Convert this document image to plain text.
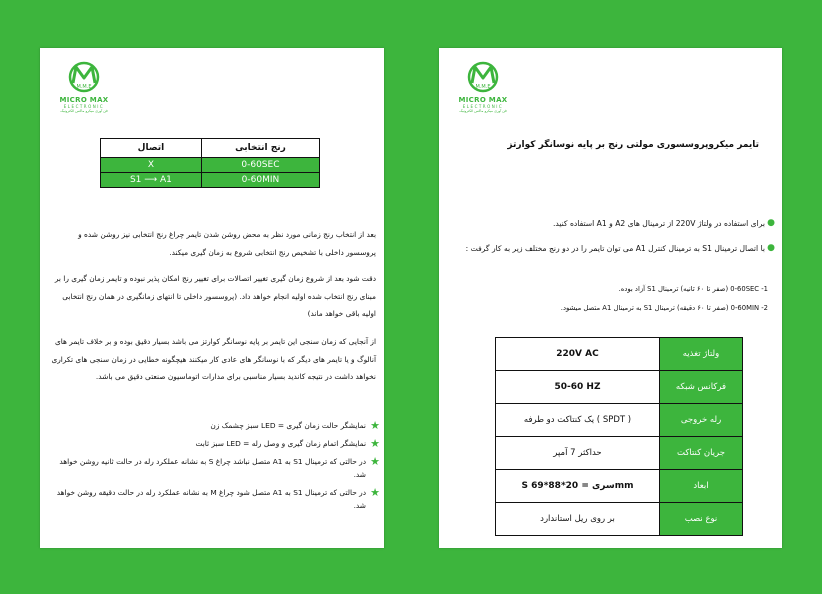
M.M.E
MICRO MAX
ELECTRONIC
فن آوری میکرو ماکس الکترونیک
اتصال	رنج انتخابی
X	0-60SEC
S1 ⟶ A1	0-60MIN
بعد از انتخاب رنج زمانی مورد نظر به محض روشن شدن تایمر چراغ رنج انتخابی نیز روشن شده و پروسسور داخلی با تشخیص رنج انتخابی شروع به زمان گیری میکند.
دقت شود بعد از شروع زمان گیری تغییر اتصالات برای تغییر رنج امکان پذیر نبوده و تایمر زمان گیری را بر مبنای رنج انتخاب شده اولیه انجام خواهد داد. (پروسسور داخلی تا انتهای زمانگیری در همان رنج انتخابی اولیه باقی خواهد ماند)
از آنجایی که زمان سنجی این تایمر بر پایه نوسانگر کوارتز می باشد بسیار دقیق بوده و بر خلاف تایمر های آنالوگ و یا تایمر های دیگر که با نوسانگر های عادی کار میکنند هیچگونه خطایی در زمان سنجی های تکراری نخواهد داشت در نتیجه کاندید بسیار مناسبی برای مدارات اتوماسیون صنعتی دقیق می باشد.
★
نمایشگر حالت زمان گیری = LED سبز چشمک زن
★
نمایشگر اتمام زمان گیری و وصل رله = LED سبز ثابت
★
در حالتی که ترمینال S1 به A1 متصل نباشد چراغ S به نشانه عملکرد رله در حالت ثانیه روشن خواهد شد.
★
در حالتی که ترمینال S1 به A1 متصل شود چراغ M به نشانه عملکرد رله در حالت دقیقه روشن خواهد شد.
M.M.E
MICRO MAX
ELECTRONIC
فن آوری میکرو ماکس الکترونیک
تایمر میکروپروسسوری مولتی رنج بر پایه نوسانگر کوارتز
●
برای استفاده در ولتاژ 220V از ترمینال های A2 و A1 استفاده کنید.
●
با اتصال ترمینال S1 به ترمینال کنترل A1 می توان تایمر را در دو رنج مختلف زیر به کار گرفت :
1- 0-60SEC (صفر تا ۶۰ ثانیه) ترمینال S1 آزاد بوده.
2- 0-60MIN (صفر تا ۶۰ دقیقه) ترمینال S1 به ترمینال A1 متصل میشود.
220V AC	ولتاژ تغذیه
50-60 HZ	فرکانس شبکه
یک کنتاکت دو طرفه ( SPDT )	رله خروجی
حداکثر 7 آمپر	جریان کنتاکت
S سری = 20*88*69mm	ابعاد
بر روی ریل استاندارد	نوع نصب
